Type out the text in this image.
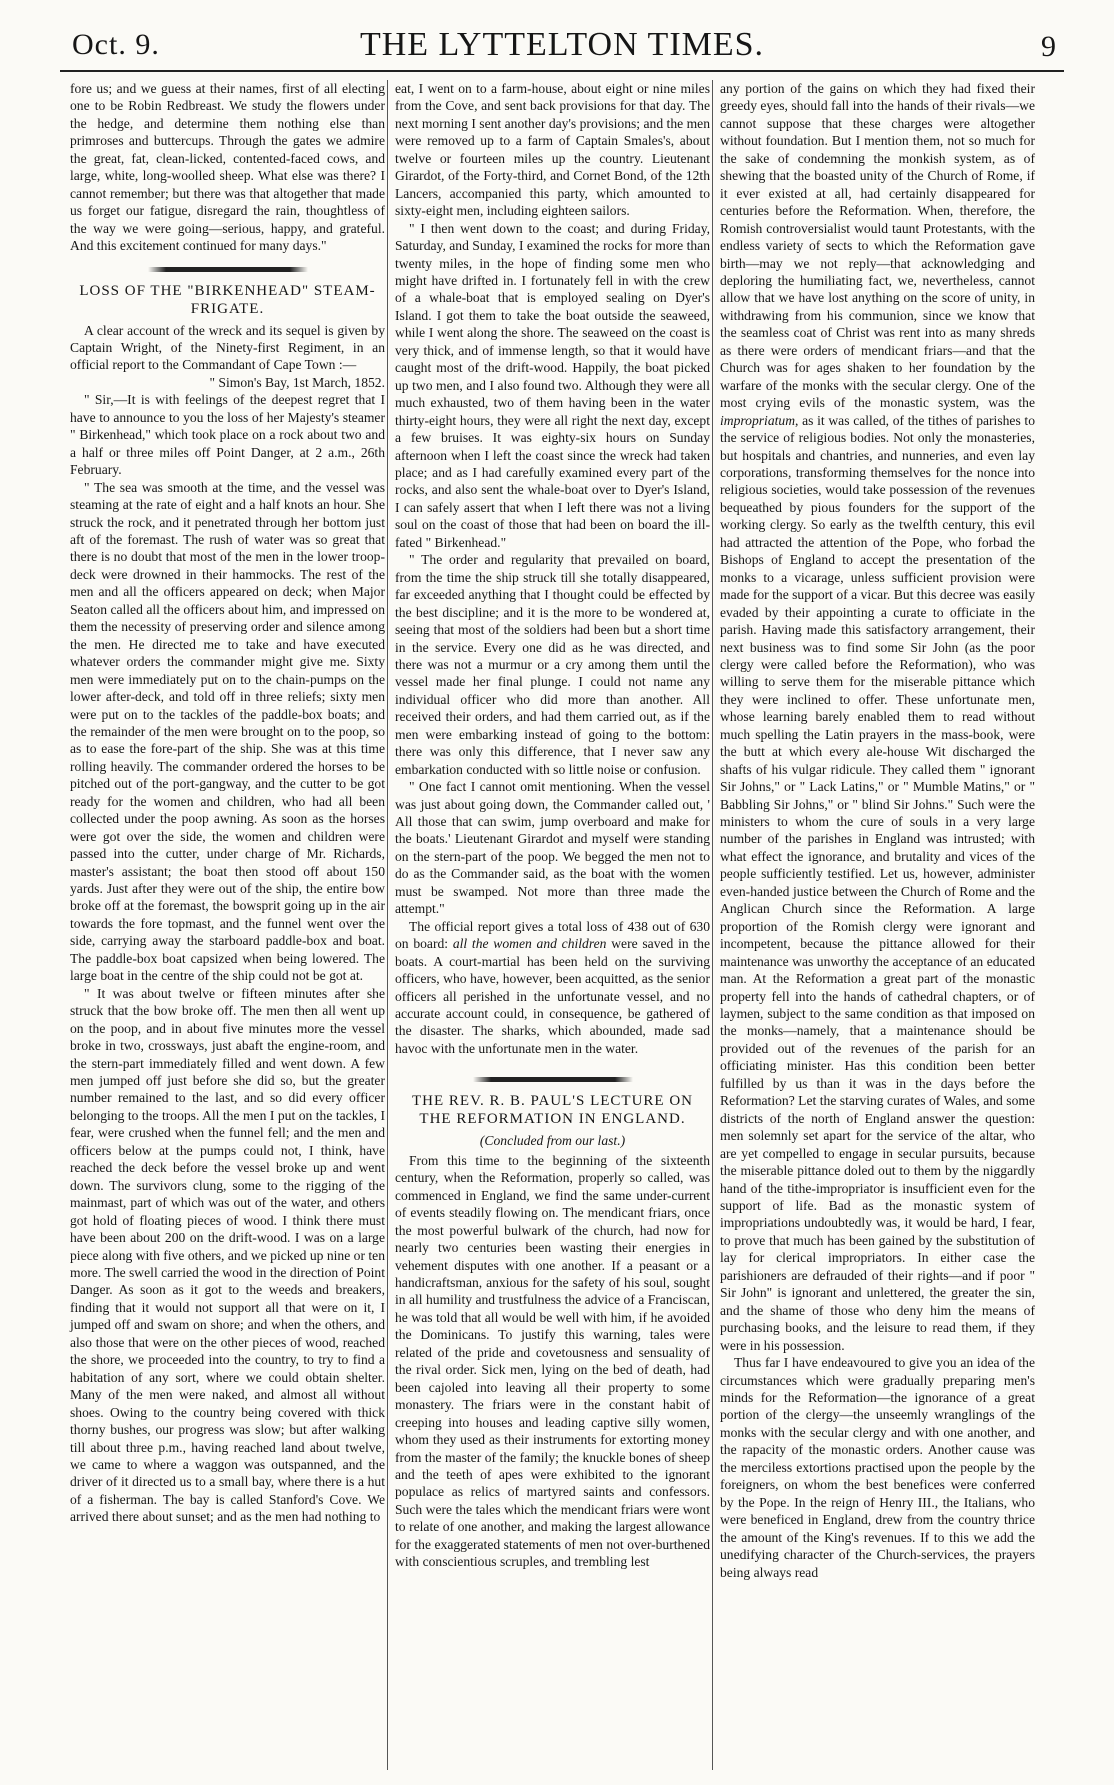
Oct. 9.	THE LYTTELTON TIMES.	9

fore us; and we guess at their names, first of all electing one to be Robin Redbreast. We study the flowers under the hedge, and determine them nothing else than primroses and buttercups. Through the gates we admire the great, fat, clean-licked, contented-faced cows, and large, white, long-woolled sheep. What else was there? I cannot remember; but there was that altogether that made us forget our fatigue, disregard the rain, thoughtless of the way we were going—serious, happy, and grateful. And this excitement continued for many days."

LOSS OF THE "BIRKENHEAD" STEAM-FRIGATE.

A clear account of the wreck and its sequel is given by Captain Wright, of the Ninety-first Regiment, in an official report to the Commandant of Cape Town :—

" Simon's Bay, 1st March, 1852.

" Sir,—It is with feelings of the deepest regret that I have to announce to you the loss of her Majesty's steamer " Birkenhead," which took place on a rock about two and a half or three miles off Point Danger, at 2 a.m., 26th February.

" The sea was smooth at the time, and the vessel was steaming at the rate of eight and a half knots an hour. She struck the rock, and it penetrated through her bottom just aft of the foremast. The rush of water was so great that there is no doubt that most of the men in the lower troop-deck were drowned in their hammocks. The rest of the men and all the officers appeared on deck; when Major Seaton called all the officers about him, and impressed on them the necessity of preserving order and silence among the men. He directed me to take and have executed whatever orders the commander might give me. Sixty men were immediately put on to the chain-pumps on the lower after-deck, and told off in three reliefs; sixty men were put on to the tackles of the paddle-box boats; and the remainder of the men were brought on to the poop, so as to ease the fore-part of the ship. She was at this time rolling heavily. The commander ordered the horses to be pitched out of the port-gangway, and the cutter to be got ready for the women and children, who had all been collected under the poop awning. As soon as the horses were got over the side, the women and children were passed into the cutter, under charge of Mr. Richards, master's assistant; the boat then stood off about 150 yards. Just after they were out of the ship, the entire bow broke off at the foremast, the bowsprit going up in the air towards the fore topmast, and the funnel went over the side, carrying away the starboard paddle-box and boat. The paddle-box boat capsized when being lowered. The large boat in the centre of the ship could not be got at.

" It was about twelve or fifteen minutes after she struck that the bow broke off. The men then all went up on the poop, and in about five minutes more the vessel broke in two, crossways, just abaft the engine-room, and the stern-part immediately filled and went down. A few men jumped off just before she did so, but the greater number remained to the last, and so did every officer belonging to the troops. All the men I put on the tackles, I fear, were crushed when the funnel fell; and the men and officers below at the pumps could not, I think, have reached the deck before the vessel broke up and went down. The survivors clung, some to the rigging of the mainmast, part of which was out of the water, and others got hold of floating pieces of wood. I think there must have been about 200 on the drift-wood. I was on a large piece along with five others, and we picked up nine or ten more. The swell carried the wood in the direction of Point Danger. As soon as it got to the weeds and breakers, finding that it would not support all that were on it, I jumped off and swam on shore; and when the others, and also those that were on the other pieces of wood, reached the shore, we proceeded into the country, to try to find a habitation of any sort, where we could obtain shelter. Many of the men were naked, and almost all without shoes. Owing to the country being covered with thick thorny bushes, our progress was slow; but after walking till about three p.m., having reached land about twelve, we came to where a waggon was outspanned, and the driver of it directed us to a small bay, where there is a hut of a fisherman. The bay is called Stanford's Cove. We arrived there about sunset; and as the men had nothing to

eat, I went on to a farm-house, about eight or nine miles from the Cove, and sent back provisions for that day. The next morning I sent another day's provisions; and the men were removed up to a farm of Captain Smales's, about twelve or fourteen miles up the country. Lieutenant Girardot, of the Forty-third, and Cornet Bond, of the 12th Lancers, accompanied this party, which amounted to sixty-eight men, including eighteen sailors.

" I then went down to the coast; and during Friday, Saturday, and Sunday, I examined the rocks for more than twenty miles, in the hope of finding some men who might have drifted in. I fortunately fell in with the crew of a whale-boat that is employed sealing on Dyer's Island. I got them to take the boat outside the seaweed, while I went along the shore. The seaweed on the coast is very thick, and of immense length, so that it would have caught most of the drift-wood. Happily, the boat picked up two men, and I also found two. Although they were all much exhausted, two of them having been in the water thirty-eight hours, they were all right the next day, except a few bruises. It was eighty-six hours on Sunday afternoon when I left the coast since the wreck had taken place; and as I had carefully examined every part of the rocks, and also sent the whale-boat over to Dyer's Island, I can safely assert that when I left there was not a living soul on the coast of those that had been on board the ill-fated " Birkenhead."

" The order and regularity that prevailed on board, from the time the ship struck till she totally disappeared, far exceeded anything that I thought could be effected by the best discipline; and it is the more to be wondered at, seeing that most of the soldiers had been but a short time in the service. Every one did as he was directed, and there was not a murmur or a cry among them until the vessel made her final plunge. I could not name any individual officer who did more than another. All received their orders, and had them carried out, as if the men were embarking instead of going to the bottom: there was only this difference, that I never saw any embarkation conducted with so little noise or confusion.

" One fact I cannot omit mentioning. When the vessel was just about going down, the Commander called out, ' All those that can swim, jump overboard and make for the boats.' Lieutenant Girardot and myself were standing on the stern-part of the poop. We begged the men not to do as the Commander said, as the boat with the women must be swamped. Not more than three made the attempt."

The official report gives a total loss of 438 out of 630 on board: all the women and children were saved in the boats. A court-martial has been held on the surviving officers, who have, however, been acquitted, as the senior officers all perished in the unfortunate vessel, and no accurate account could, in consequence, be gathered of the disaster. The sharks, which abounded, made sad havoc with the unfortunate men in the water.

THE REV. R. B. PAUL'S LECTURE ON THE REFORMATION IN ENGLAND.
(Concluded from our last.)

From this time to the beginning of the sixteenth century, when the Reformation, properly so called, was commenced in England, we find the same under-current of events steadily flowing on. The mendicant friars, once the most powerful bulwark of the church, had now for nearly two centuries been wasting their energies in vehement disputes with one another. If a peasant or a handicraftsman, anxious for the safety of his soul, sought in all humility and trustfulness the advice of a Franciscan, he was told that all would be well with him, if he avoided the Dominicans. To justify this warning, tales were related of the pride and covetousness and sensuality of the rival order. Sick men, lying on the bed of death, had been cajoled into leaving all their property to some monastery. The friars were in the constant habit of creeping into houses and leading captive silly women, whom they used as their instruments for extorting money from the master of the family; the knuckle bones of sheep and the teeth of apes were exhibited to the ignorant populace as relics of martyred saints and confessors. Such were the tales which the mendicant friars were wont to relate of one another, and making the largest allowance for the exaggerated statements of men not over-burthened with conscientious scruples, and trembling lest

any portion of the gains on which they had fixed their greedy eyes, should fall into the hands of their rivals—we cannot suppose that these charges were altogether without foundation. But I mention them, not so much for the sake of condemning the monkish system, as of shewing that the boasted unity of the Church of Rome, if it ever existed at all, had certainly disappeared for centuries before the Reformation. When, therefore, the Romish controversialist would taunt Protestants, with the endless variety of sects to which the Reformation gave birth—may we not reply—that acknowledging and deploring the humiliating fact, we, nevertheless, cannot allow that we have lost anything on the score of unity, in withdrawing from his communion, since we know that the seamless coat of Christ was rent into as many shreds as there were orders of mendicant friars—and that the Church was for ages shaken to her foundation by the warfare of the monks with the secular clergy. One of the most crying evils of the monastic system, was the impropriatum, as it was called, of the tithes of parishes to the service of religious bodies. Not only the monasteries, but hospitals and chantries, and nunneries, and even lay corporations, transforming themselves for the nonce into religious societies, would take possession of the revenues bequeathed by pious founders for the support of the working clergy. So early as the twelfth century, this evil had attracted the attention of the Pope, who forbad the Bishops of England to accept the presentation of the monks to a vicarage, unless sufficient provision were made for the support of a vicar. But this decree was easily evaded by their appointing a curate to officiate in the parish. Having made this satisfactory arrangement, their next business was to find some Sir John (as the poor clergy were called before the Reformation), who was willing to serve them for the miserable pittance which they were inclined to offer. These unfortunate men, whose learning barely enabled them to read without much spelling the Latin prayers in the mass-book, were the butt at which every ale-house Wit discharged the shafts of his vulgar ridicule. They called them " ignorant Sir Johns," or " Lack Latins," or " Mumble Matins," or " Babbling Sir Johns," or " blind Sir Johns." Such were the ministers to whom the cure of souls in a very large number of the parishes in England was intrusted; with what effect the ignorance, and brutality and vices of the people sufficiently testified. Let us, however, administer even-handed justice between the Church of Rome and the Anglican Church since the Reformation. A large proportion of the Romish clergy were ignorant and incompetent, because the pittance allowed for their maintenance was unworthy the acceptance of an educated man. At the Reformation a great part of the monastic property fell into the hands of cathedral chapters, or of laymen, subject to the same condition as that imposed on the monks—namely, that a maintenance should be provided out of the revenues of the parish for an officiating minister. Has this condition been better fulfilled by us than it was in the days before the Reformation? Let the starving curates of Wales, and some districts of the north of England answer the question: men solemnly set apart for the service of the altar, who are yet compelled to engage in secular pursuits, because the miserable pittance doled out to them by the niggardly hand of the tithe-impropriator is insufficient even for the support of life. Bad as the monastic system of impropriations undoubtedly was, it would be hard, I fear, to prove that much has been gained by the substitution of lay for clerical impropriators. In either case the parishioners are defrauded of their rights—and if poor " Sir John" is ignorant and unlettered, the greater the sin, and the shame of those who deny him the means of purchasing books, and the leisure to read them, if they were in his possession.

Thus far I have endeavoured to give you an idea of the circumstances which were gradually preparing men's minds for the Reformation—the ignorance of a great portion of the clergy—the unseemly wranglings of the monks with the secular clergy and with one another, and the rapacity of the monastic orders. Another cause was the merciless extortions practised upon the people by the foreigners, on whom the best benefices were conferred by the Pope. In the reign of Henry III., the Italians, who were beneficed in England, drew from the country thrice the amount of the King's revenues. If to this we add the unedifying character of the Church-services, the prayers being always read
